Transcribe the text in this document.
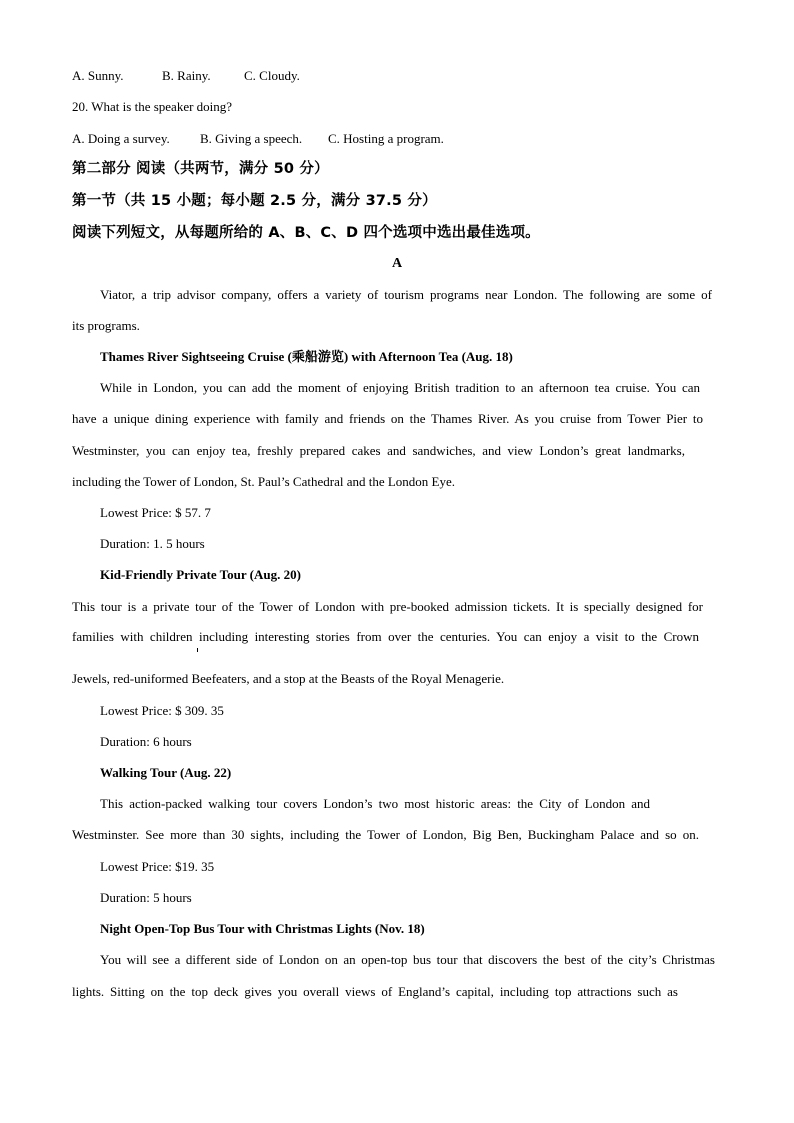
A. Sunny.	B. Rainy.	C. Cloudy.
20. What is the speaker doing?
A. Doing a survey. B. Giving a speech. C. Hosting a program.
第二部分 阅读（共两节，满分 50 分）
第一节（共 15 小题；每小题 2.5 分，满分 37.5 分）
阅读下列短文，从每题所给的 A、B、C、D 四个选项中选出最佳选项。
A
Viator, a trip advisor company, offers a variety of tourism programs near London. The following are some of
its programs.
Thames River Sightseeing Cruise (乘船游览) with Afternoon Tea (Aug. 18)
While in London, you can add the moment of enjoying British tradition to an afternoon tea cruise. You can
have a unique dining experience with family and friends on the Thames River. As you cruise from Tower Pier to
Westminster, you can enjoy tea, freshly prepared cakes and sandwiches, and view London’s great landmarks,
including the Tower of London, St. Paul’s Cathedral and the London Eye.
Lowest Price: $ 57. 7
Duration: 1. 5 hours
Kid-Friendly Private Tour (Aug. 20)
This tour is a private tour of the Tower of London with pre-booked admission tickets. It is specially designed for
families with children including interesting stories from over the centuries. You can enjoy a visit to the Crown
Jewels, red-uniformed Beefeaters, and a stop at the Beasts of the Royal Menagerie.
Lowest Price: $ 309. 35
Duration: 6 hours
Walking Tour (Aug. 22)
This action-packed walking tour covers London’s two most historic areas: the City of London and
Westminster. See more than 30 sights, including the Tower of London, Big Ben, Buckingham Palace and so on.
Lowest Price: $19. 35
Duration: 5 hours
Night Open-Top Bus Tour with Christmas Lights (Nov. 18)
You will see a different side of London on an open-top bus tour that discovers the best of the city’s Christmas
lights. Sitting on the top deck gives you overall views of England’s capital, including top attractions such as
